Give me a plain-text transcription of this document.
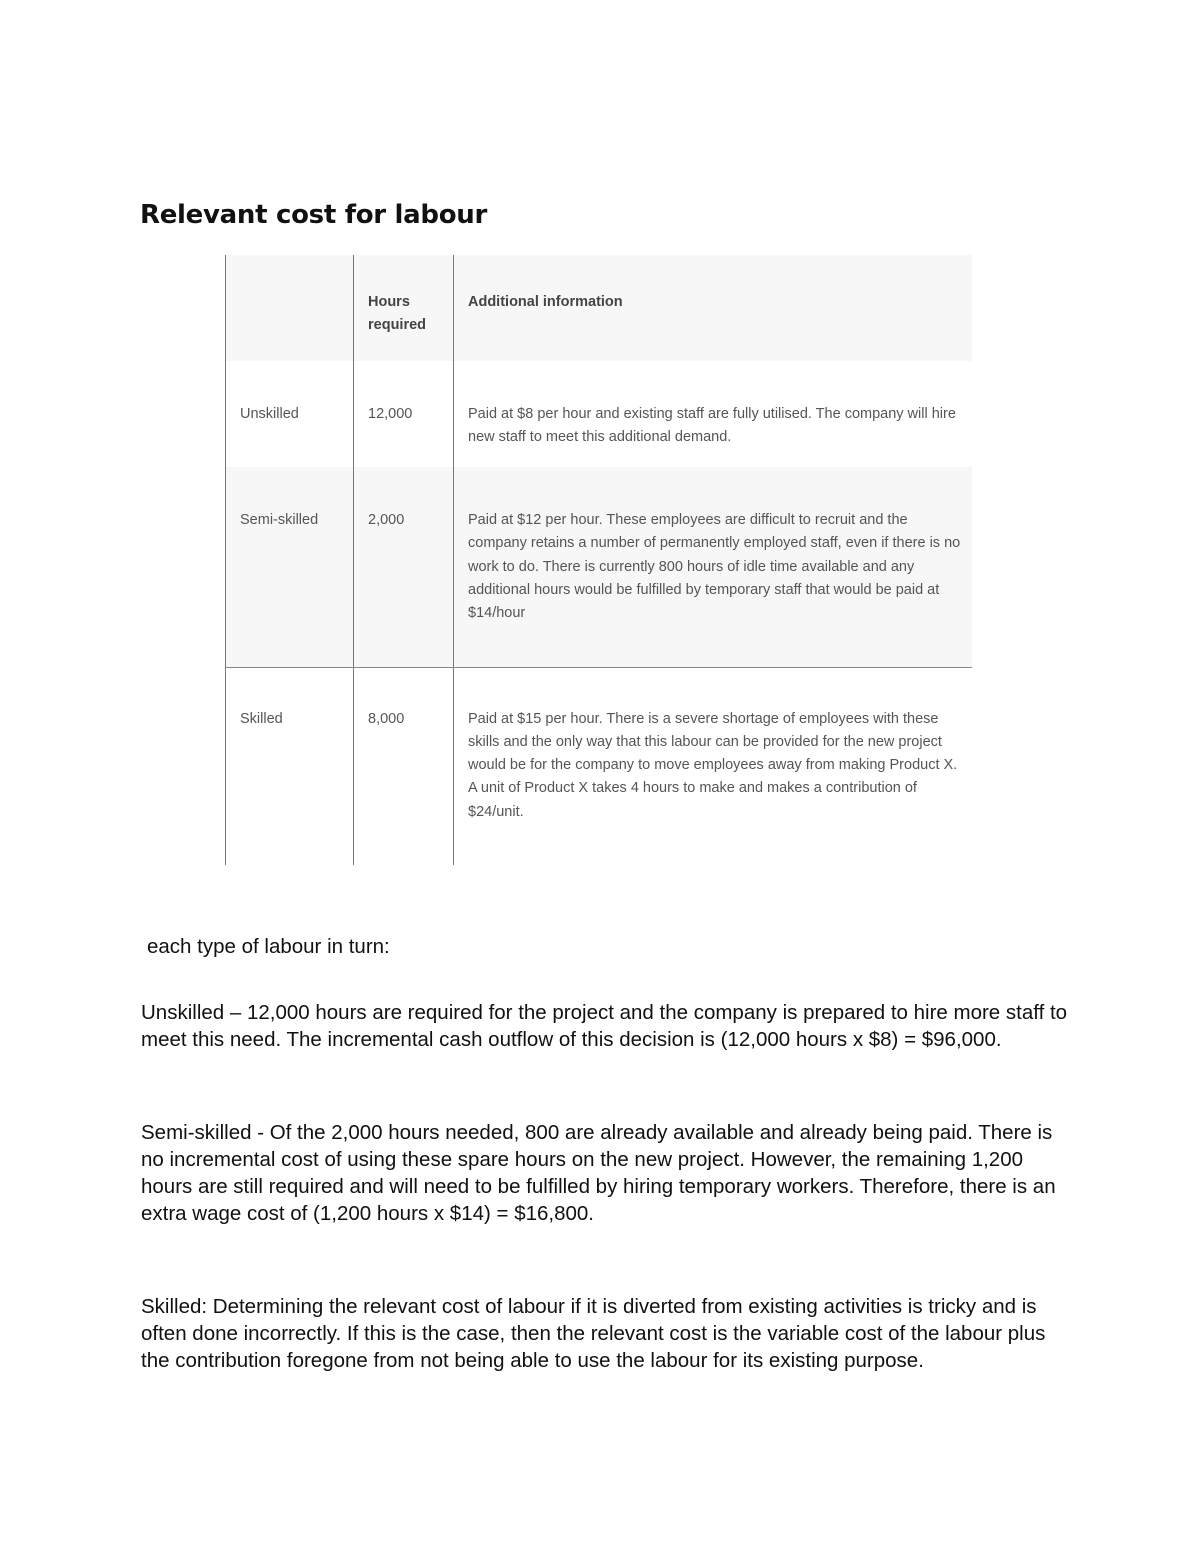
Relevant cost for labour
	Hours required	Additional information
Unskilled	12,000	Paid at $8 per hour and existing staff are fully utilised. The company will hire new staff to meet this additional demand.
Semi-skilled	2,000	Paid at $12 per hour. These employees are difficult to recruit and the company retains a number of permanently employed staff, even if there is no work to do. There is currently 800 hours of idle time available and any additional hours would be fulfilled by temporary staff that would be paid at $14/hour
Skilled	8,000	Paid at $15 per hour. There is a severe shortage of employees with these skills and the only way that this labour can be provided for the new project would be for the company to move employees away from making Product X. A unit of Product X takes 4 hours to make and makes a contribution of $24/unit.

each type of labour in turn:

Unskilled – 12,000 hours are required for the project and the company is prepared to hire more staff to meet this need. The incremental cash outflow of this decision is (12,000 hours x $8) = $96,000.

Semi-skilled - Of the 2,000 hours needed, 800 are already available and already being paid. There is no incremental cost of using these spare hours on the new project. However, the remaining 1,200 hours are still required and will need to be fulfilled by hiring temporary workers. Therefore, there is an extra wage cost of (1,200 hours x $14) = $16,800.

Skilled: Determining the relevant cost of labour if it is diverted from existing activities is tricky and is often done incorrectly. If this is the case, then the relevant cost is the variable cost of the labour plus the contribution foregone from not being able to use the labour for its existing purpose.
